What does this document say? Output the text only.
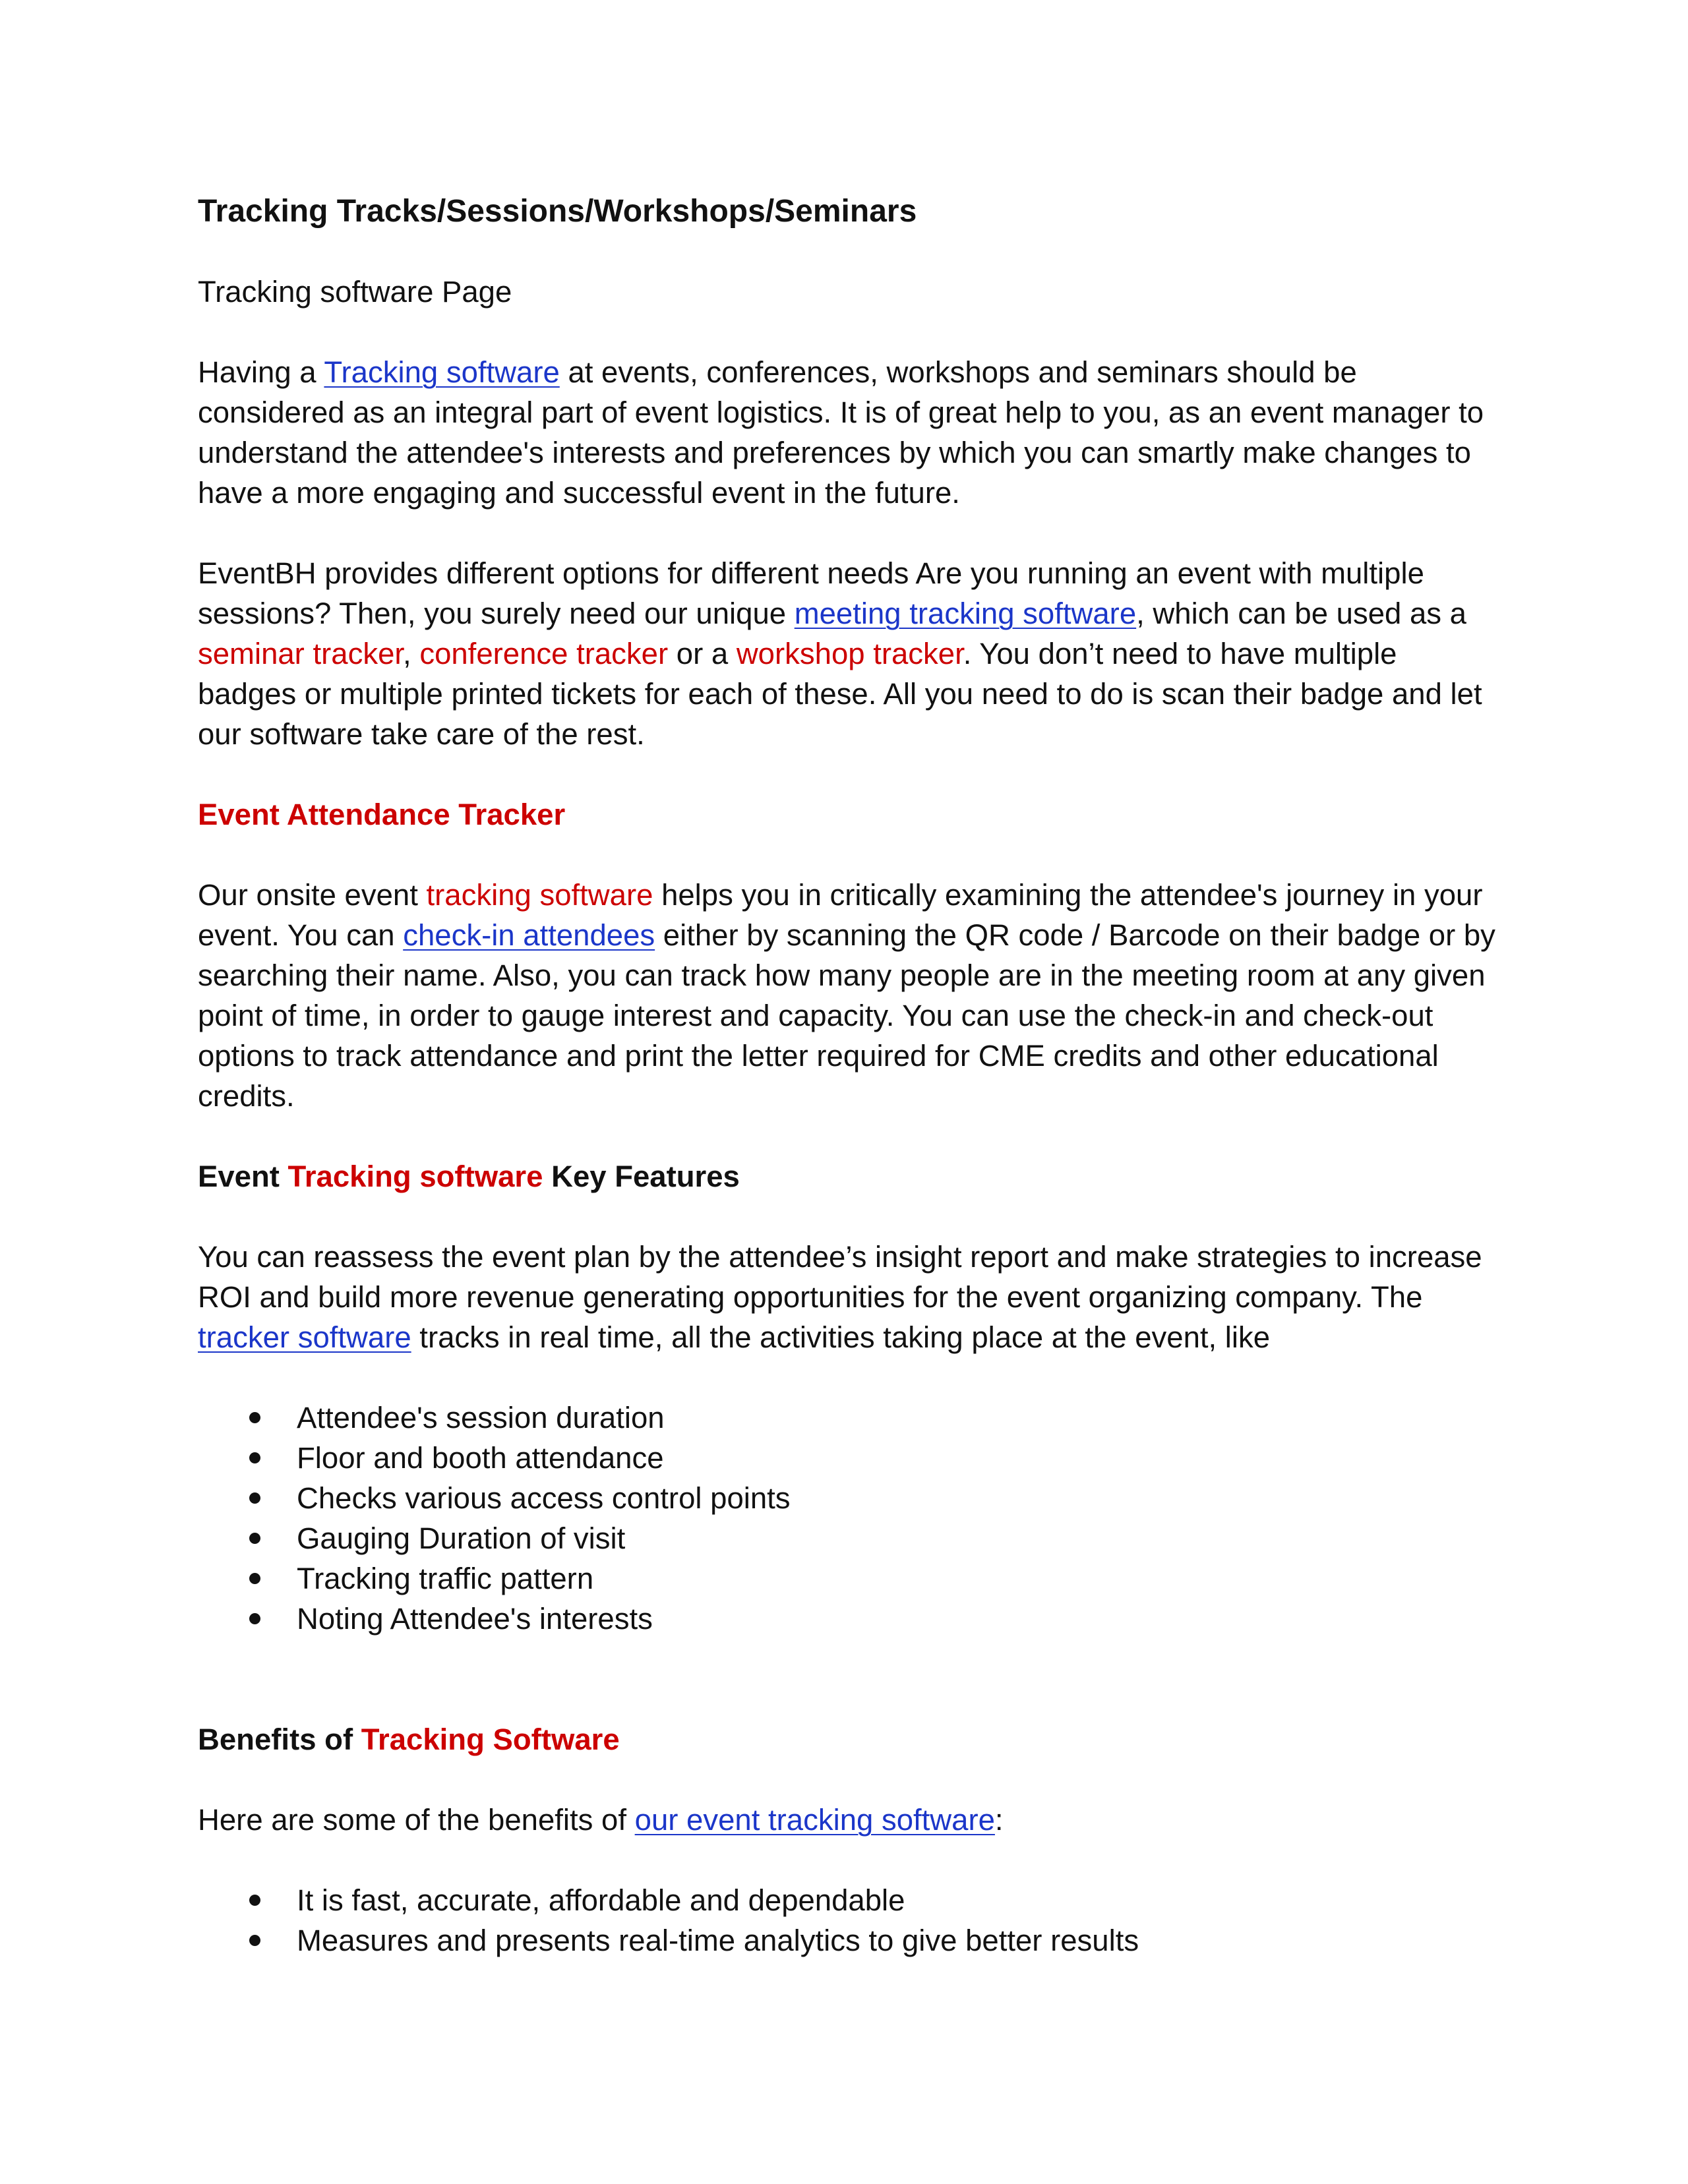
Tracking Tracks/Sessions/Workshops/Seminars

Tracking software Page

Having a Tracking software at events, conferences, workshops and seminars should be considered as an integral part of event logistics. It is of great help to you, as an event manager to understand the attendee's interests and preferences by which you can smartly make changes to have a more engaging and successful event in the future.

EventBH provides different options for different needs Are you running an event with multiple sessions? Then, you surely need our unique meeting tracking software, which can be used as a seminar tracker, conference tracker or a workshop tracker. You don’t need to have multiple badges or multiple printed tickets for each of these. All you need to do is scan their badge and let our software take care of the rest.

Event Attendance Tracker

Our onsite event tracking software helps you in critically examining the attendee's journey in your event. You can check-in attendees either by scanning the QR code / Barcode on their badge or by searching their name. Also, you can track how many people are in the meeting room at any given point of time, in order to gauge interest and capacity. You can use the check-in and check-out options to track attendance and print the letter required for CME credits and other educational credits.

Event Tracking software Key Features

You can reassess the event plan by the attendee’s insight report and make strategies to increase ROI and build more revenue generating opportunities for the event organizing company. The tracker software tracks in real time, all the activities taking place at the event, like

Attendee's session duration
Floor and booth attendance
Checks various access control points
Gauging Duration of visit
Tracking traffic pattern
Noting Attendee's interests
Benefits of Tracking Software

Here are some of the benefits of our event tracking software:

It is fast, accurate, affordable and dependable
Measures and presents real-time analytics to give better results
